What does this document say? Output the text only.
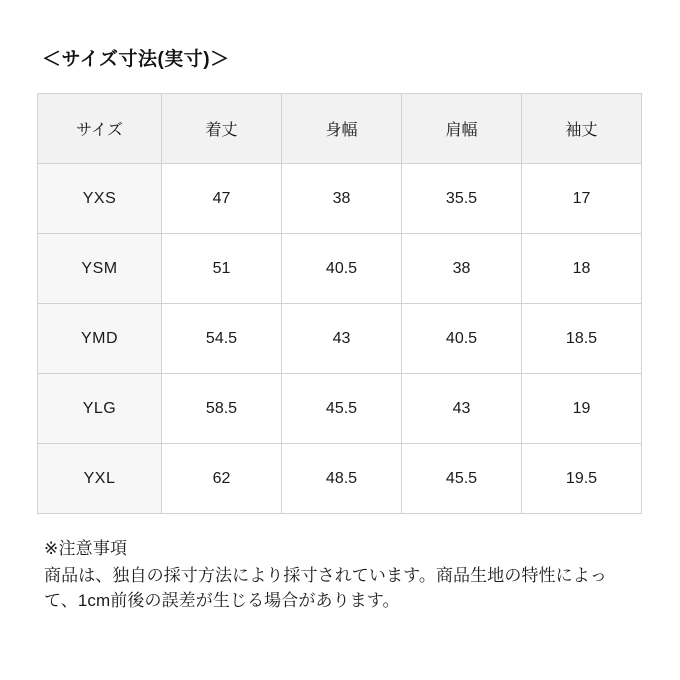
＜サイズ寸法(実寸)＞
サイズ	着丈	身幅	肩幅	袖丈
YXS	47	38	35.5	17
YSM	51	40.5	38	18
YMD	54.5	43	40.5	18.5
YLG	58.5	45.5	43	19
YXL	62	48.5	45.5	19.5
※注意事項
商品は、独自の採寸方法により採寸されています。商品生地の特性によって、1cm前後の誤差が生じる場合があります。
